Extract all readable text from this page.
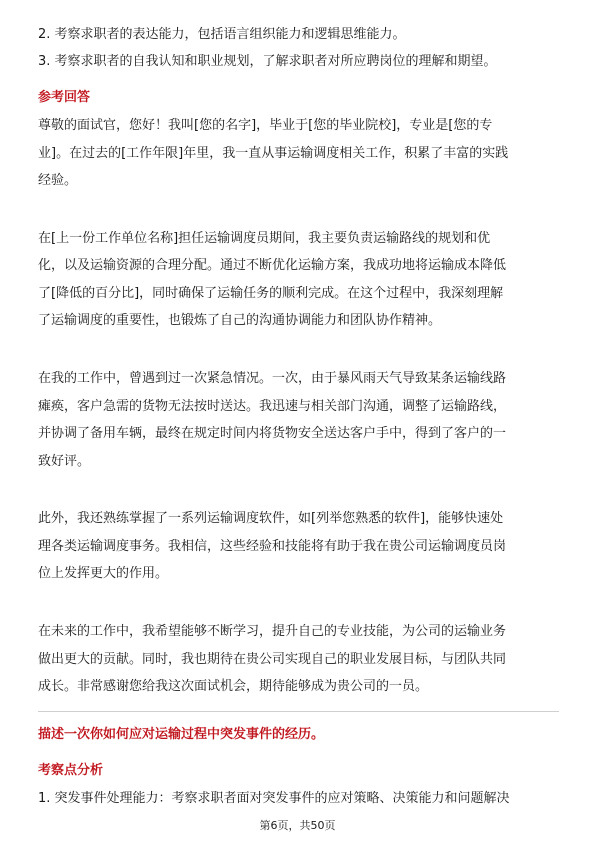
2. 考察求职者的表达能力，包括语言组织能力和逻辑思维能力。
3. 考察求职者的自我认知和职业规划，了解求职者对所应聘岗位的理解和期望。
参考回答
尊敬的面试官，您好！我叫[您的名字]，毕业于[您的毕业院校]，专业是[您的专
业]。在过去的[工作年限]年里，我一直从事运输调度相关工作，积累了丰富的实践
经验。
在[上一份工作单位名称]担任运输调度员期间，我主要负责运输路线的规划和优
化，以及运输资源的合理分配。通过不断优化运输方案，我成功地将运输成本降低
了[降低的百分比]，同时确保了运输任务的顺利完成。在这个过程中，我深刻理解
了运输调度的重要性，也锻炼了自己的沟通协调能力和团队协作精神。
在我的工作中，曾遇到过一次紧急情况。一次，由于暴风雨天气导致某条运输线路
瘫痪，客户急需的货物无法按时送达。我迅速与相关部门沟通，调整了运输路线，
并协调了备用车辆，最终在规定时间内将货物安全送达客户手中，得到了客户的一
致好评。
此外，我还熟练掌握了一系列运输调度软件，如[列举您熟悉的软件]，能够快速处
理各类运输调度事务。我相信，这些经验和技能将有助于我在贵公司运输调度员岗
位上发挥更大的作用。
在未来的工作中，我希望能够不断学习，提升自己的专业技能，为公司的运输业务
做出更大的贡献。同时，我也期待在贵公司实现自己的职业发展目标，与团队共同
成长。非常感谢您给我这次面试机会，期待能够成为贵公司的一员。
描述一次你如何应对运输过程中突发事件的经历。
考察点分析
1. 突发事件处理能力：考察求职者面对突发事件的应对策略、决策能力和问题解决
第6页，共50页
